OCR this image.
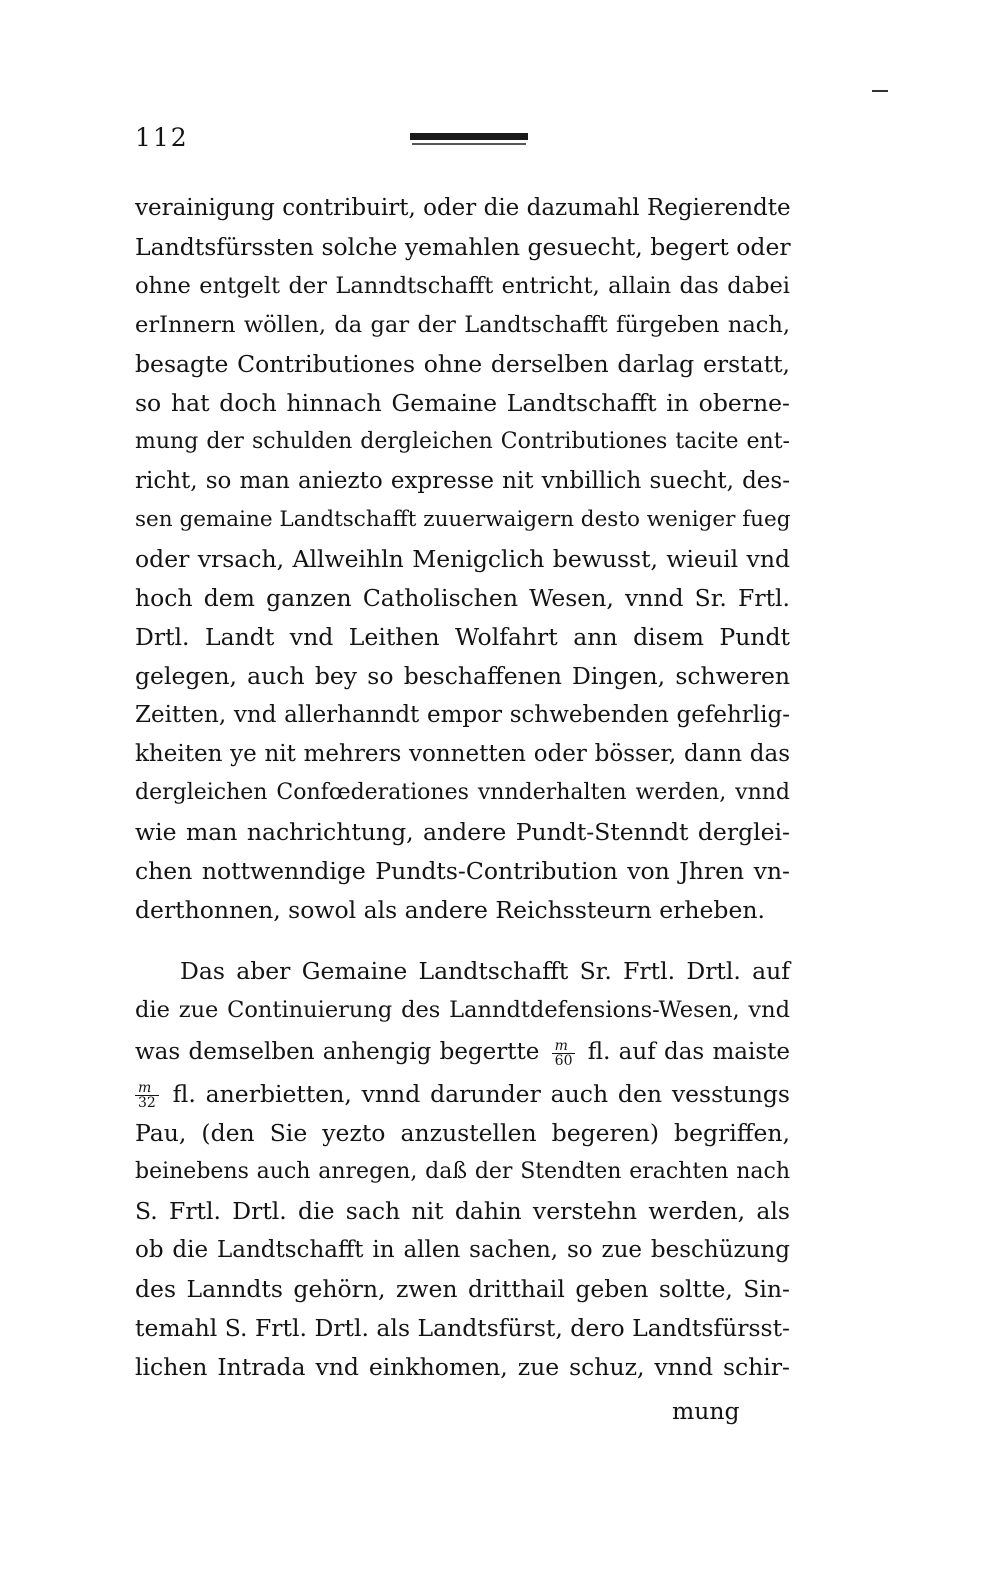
112
verainigung contribuirt, oder die dazumahl Regierendte
Landtsfürssten solche yemahlen gesuecht, begert oder
ohne entgelt der Lanndtschafft entricht, allain das dabei
erInnern wöllen, da gar der Landtschafft fürgeben nach,
besagte Contributiones ohne derselben darlag erstatt,
so hat doch hinnach Gemaine Landtschafft in oberne-
mung der schulden dergleichen Contributiones tacite ent-
richt, so man aniezto expresse nit vnbillich suecht, des-
sen gemaine Landtschafft zuuerwaigern desto weniger fueg
oder vrsach, Allweihln Menigclich bewusst, wieuil vnd
hoch dem ganzen Catholischen Wesen, vnnd Sr. Frtl.
Drtl. Landt vnd Leithen Wolfahrt ann disem Pundt
gelegen, auch bey so beschaffenen Dingen, schweren
Zeitten, vnd allerhanndt empor schwebenden gefehrlig-
kheiten ye nit mehrers vonnetten oder bösser, dann das
dergleichen Confœderationes vnnderhalten werden, vnnd
wie man nachrichtung, andere Pundt-Stenndt derglei-
chen nottwenndige Pundts-Contribution von Jhren vn-
derthonnen, sowol als andere Reichssteurn erheben.
Das aber Gemaine Landtschafft Sr. Frtl. Drtl. auf
die zue Continuierung des Lanndtdefensions-Wesen, vnd
was demselben anhengig begertte $\frac{m}{60}$ fl. auf das maiste
$\frac{m}{32}$ fl. anerbietten, vnnd darunder auch den vesstungs
Pau, (den Sie yezto anzustellen begeren) begriffen,
beinebens auch anregen, daß der Stendten erachten nach
S. Frtl. Drtl. die sach nit dahin verstehn werden, als
ob die Landtschafft in allen sachen, so zue beschüzung
des Lanndts gehörn, zwen dritthail geben soltte, Sin-
temahl S. Frtl. Drtl. als Landtsfürst, dero Landtsfürsst-
lichen Intrada vnd einkhomen, zue schuz, vnnd schir-
mung
